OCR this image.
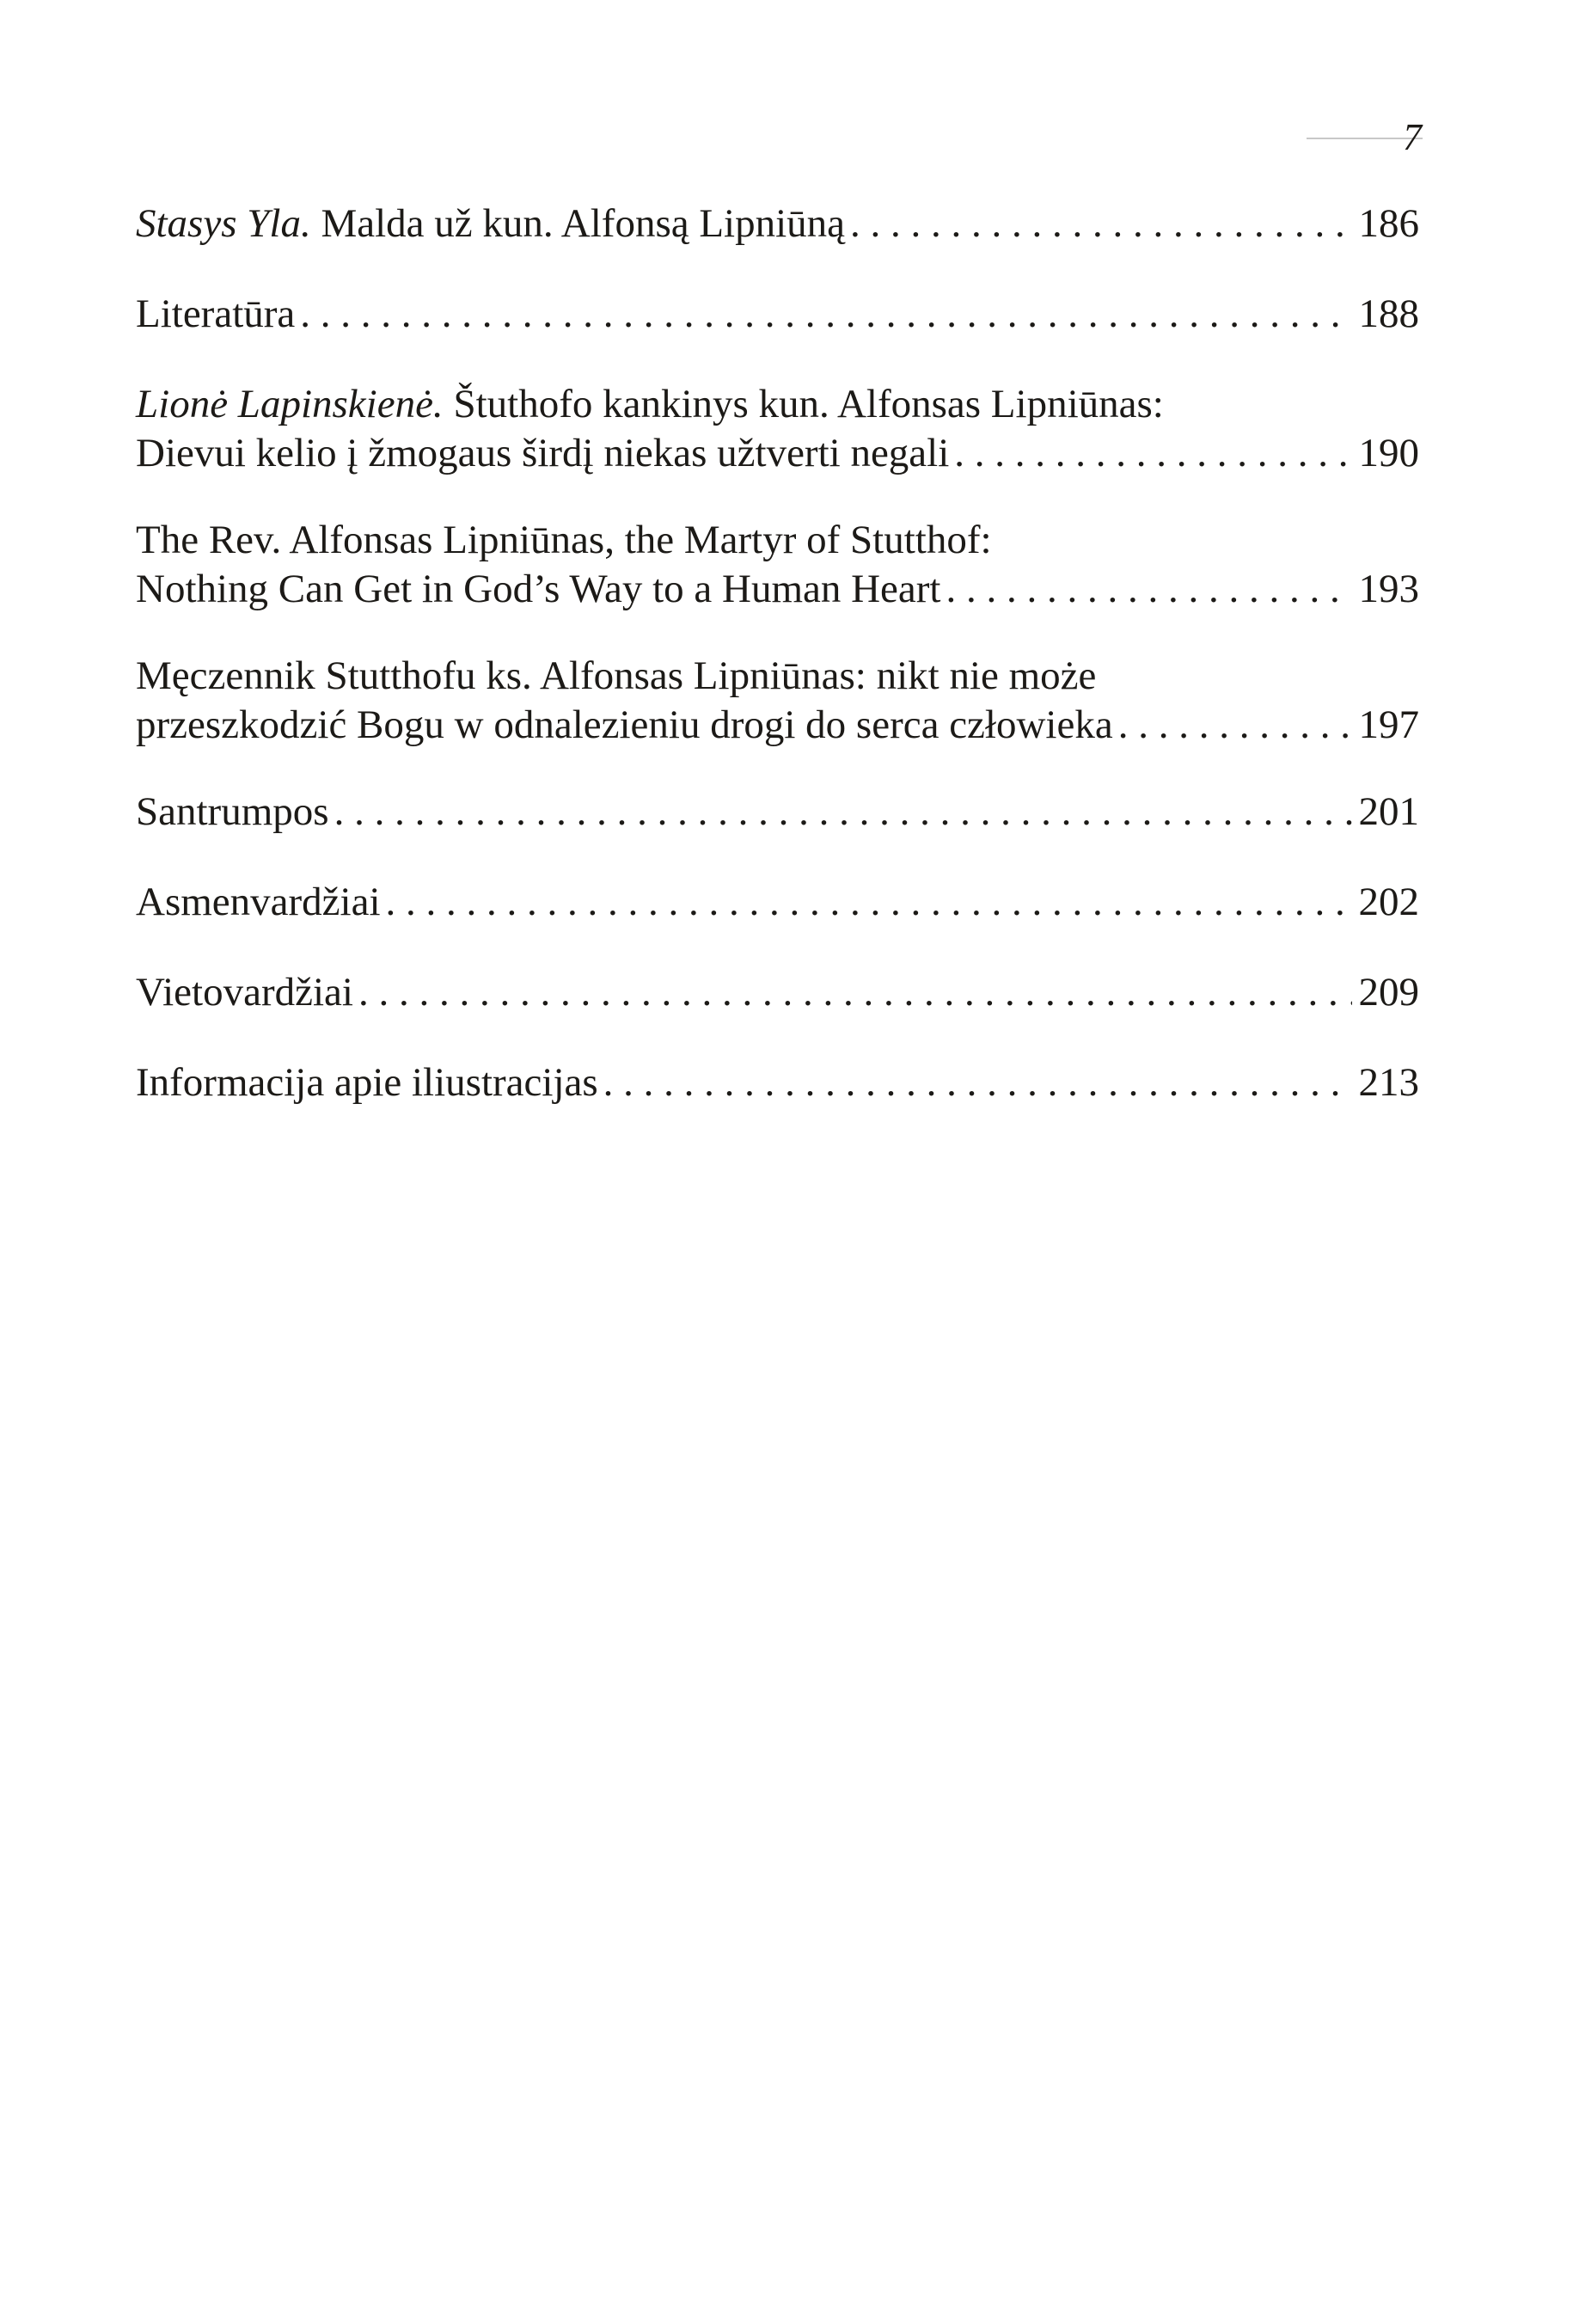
7
Stasys Yla. Malda už kun. Alfonsą Lipniūną . . .	186
Literatūra . . .	188
Lionė Lapinskienė. Štuthofo kankinys kun. Alfonsas Lipniūnas:
Dievui kelio į žmogaus širdį niekas užtverti negali . . .	190
The Rev. Alfonsas Lipniūnas, the Martyr of Stutthof:
Nothing Can Get in God’s Way to a Human Heart . . .	193
Męczennik Stutthofu ks. Alfonsas Lipniūnas: nikt nie może
przeszkodzić Bogu w odnalezieniu drogi do serca człowieka . . .	197
Santrumpos . . .	201
Asmenvardžiai . . .	202
Vietovardžiai . . .	209
Informacija apie iliustracijas . . .	213
